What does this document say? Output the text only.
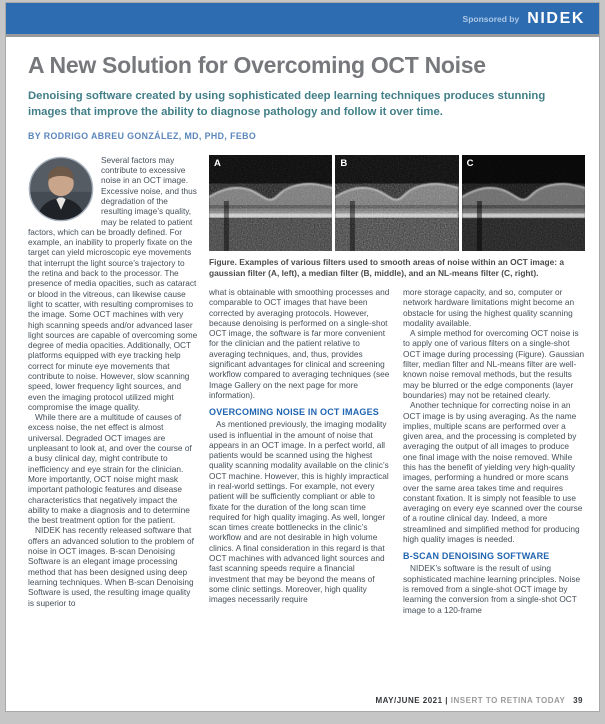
Sponsored by NIDEK
A New Solution for Overcoming OCT Noise

Denoising software created by using sophisticated deep learning techniques produces stunning images that improve the ability to diagnose pathology and follow it over time.

BY RODRIGO ABREU GONZÁLEZ, MD, PHD, FEBO

Several factors may contribute to excessive noise in an OCT image. Excessive noise, and thus degradation of the resulting image’s quality, may be related to patient factors, which can be broadly defined. For example, an inability to properly fixate on the target can yield microscopic eye movements that interrupt the light source’s trajectory to the retina and back to the processor. The presence of media opacities, such as cataract or blood in the vitreous, can likewise cause light to scatter, with resulting compromises to the image. Some OCT machines with very high scanning speeds and/or advanced laser light sources are capable of overcoming some degree of media opacities. Additionally, OCT platforms equipped with eye tracking help correct for minute eye movements that contribute to noise. However, slow scanning speed, lower frequency light sources, and even the imaging protocol utilized might compromise the image quality.

While there are a multitude of causes of excess noise, the net effect is almost universal. Degraded OCT images are unpleasant to look at, and over the course of a busy clinical day, might contribute to inefficiency and eye strain for the clinician. More importantly, OCT noise might mask important pathologic features and disease characteristics that negatively impact the ability to make a diagnosis and to determine the best treatment option for the patient.

NIDEK has recently released software that offers an advanced solution to the problem of noise in OCT images. B-scan Denoising Software is an elegant image processing method that has been designed using deep learning techniques. When B-scan Denoising Software is used, the resulting image quality is superior to

A	B	C
Figure. Examples of various filters used to smooth areas of noise within an OCT image: a gaussian filter (A, left), a median filter (B, middle), and an NL-means filter (C, right).

what is obtainable with smoothing processes and comparable to OCT images that have been corrected by averaging protocols. However, because denoising is performed on a single-shot OCT image, the software is far more convenient for the clinician and the patient relative to averaging techniques, and, thus, provides significant advantages for clinical and screening workflow compared to averaging techniques (see Image Gallery on the next page for more information).

OVERCOMING NOISE IN OCT IMAGES

As mentioned previously, the imaging modality used is influential in the amount of noise that appears in an OCT image. In a perfect world, all patients would be scanned using the highest quality scanning modality available on the clinic’s OCT machine. However, this is highly impractical in real-world settings. For example, not every patient will be sufficiently compliant or able to fixate for the duration of the long scan time required for high quality imaging. As well, longer scan times create bottlenecks in the clinic’s workflow and are not desirable in high volume clinics. A final consideration in this regard is that OCT machines with advanced light sources and fast scanning speeds require a financial investment that may be beyond the means of some clinic settings. Moreover, high quality images necessarily require

more storage capacity, and so, computer or network hardware limitations might become an obstacle for using the highest quality scanning modality available.

A simple method for overcoming OCT noise is to apply one of various filters on a single-shot OCT image during processing (Figure). Gaussian filter, median filter and NL-means filter are well-known noise removal methods, but the results may be blurred or the edge components (layer boundaries) may not be retained clearly.

Another technique for correcting noise in an OCT image is by using averaging. As the name implies, multiple scans are performed over a given area, and the processing is completed by averaging the output of all images to produce one final image with the noise removed. While this has the benefit of yielding very high-quality images, performing a hundred or more scans over the same area takes time and requires constant fixation. It is simply not feasible to use averaging on every eye scanned over the course of a routine clinical day. Indeed, a more streamlined and simplified method for producing high quality images is needed.

B-SCAN DENOISING SOFTWARE

NIDEK’s software is the result of using sophisticated machine learning principles. Noise is removed from a single-shot OCT image by learning the conversion from a single-shot OCT image to a 120-frame

MAY/JUNE 2021 | INSERT TO RETINA TODAY 39
